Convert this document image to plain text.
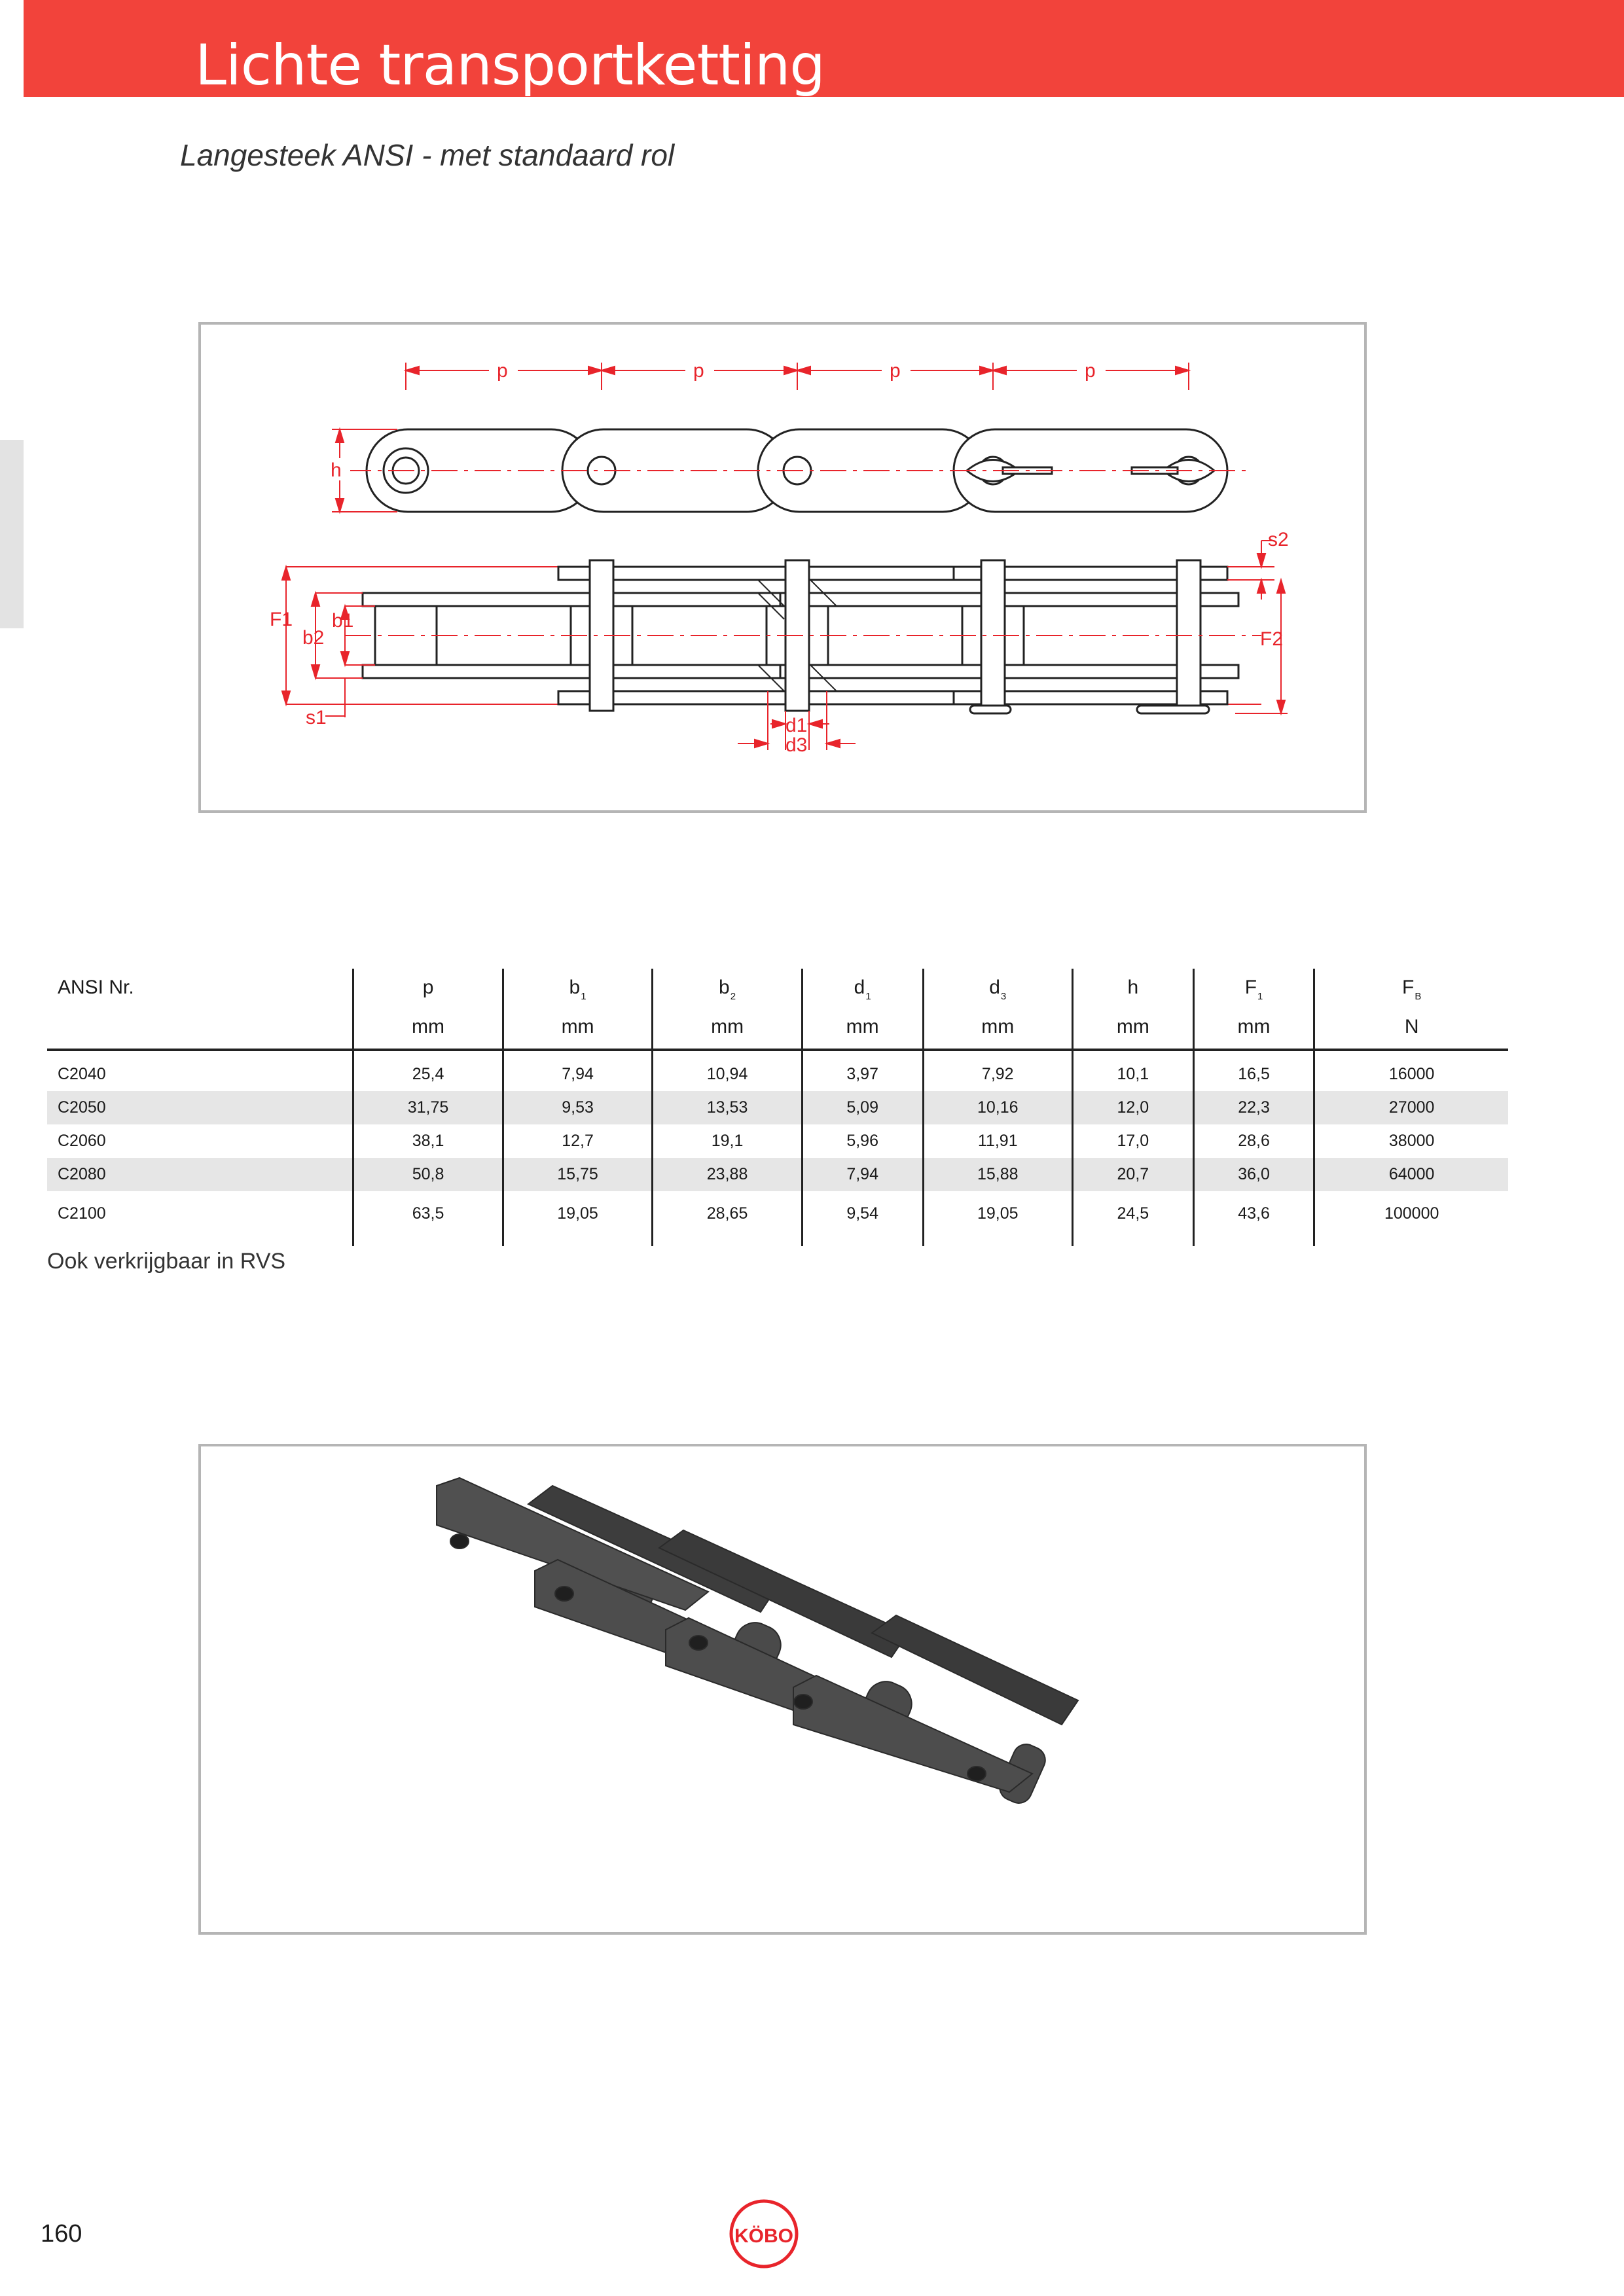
Lichte transportketting
Langesteek ANSI - met standaard rol
p	p	p	p
h
F1
b2
b1
s1
s2
F2
d1
d3
ANSI Nr.	p	$b_1$	$b_2$	$d_1$	$d_3$	h	$F_1$	$F_B$
	mm	mm	mm	mm	mm	mm	mm	N
C2040	25,4	7,94	10,94	3,97	7,92	10,1	16,5	16000
C2050	31,75	9,53	13,53	5,09	10,16	12,0	22,3	27000
C2060	38,1	12,7	19,1	5,96	11,91	17,0	28,6	38000
C2080	50,8	15,75	23,88	7,94	15,88	20,7	36,0	64000
C2100	63,5	19,05	28,65	9,54	19,05	24,5	43,6	100000
Ook verkrijgbaar in RVS
160	KÖBO
